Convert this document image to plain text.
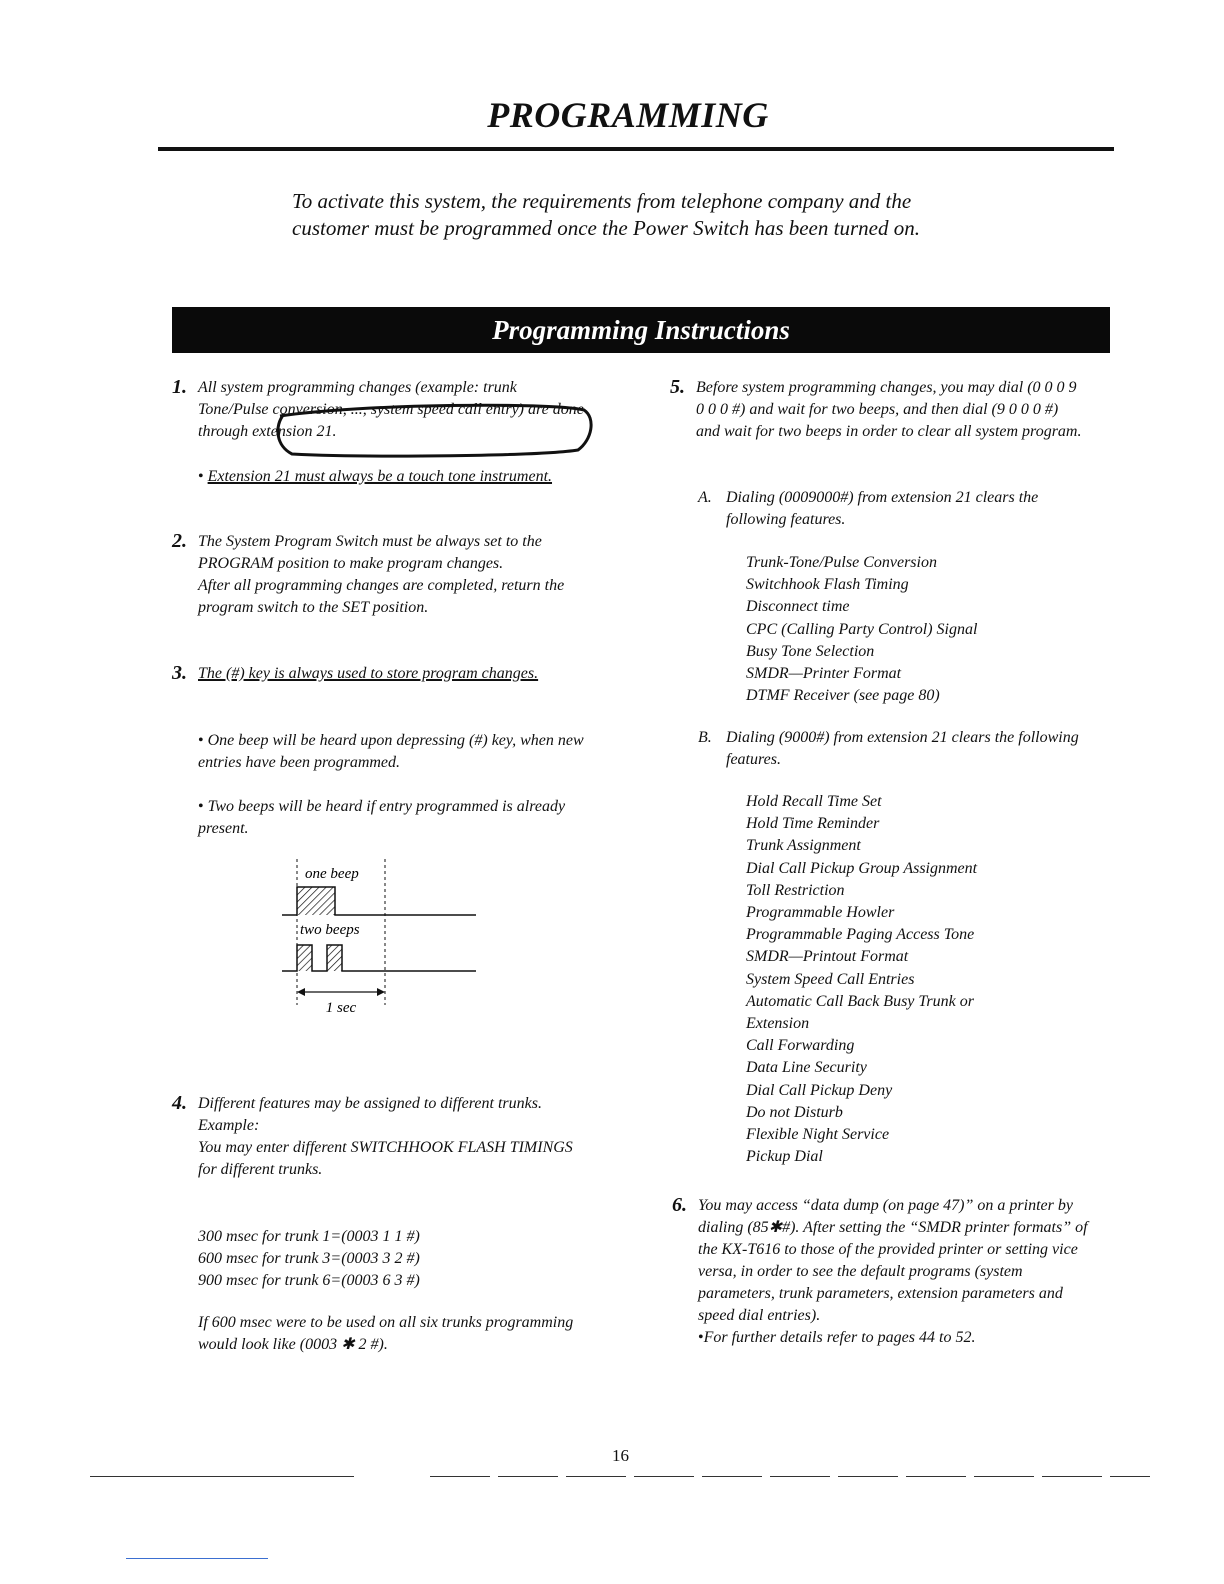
PROGRAMMING
To activate this system, the requirements from telephone company and the customer must be programmed once the Power Switch has been turned on.
Programming Instructions
1. All system programming changes (example: trunk Tone/Pulse conversion, ..., system speed call entry) are done through extension 21.
• Extension 21 must always be a touch tone instrument.
2. The System Program Switch must be always set to the PROGRAM position to make program changes.
After all programming changes are completed, return the program switch to the SET position.
3. The (#) key is always used to store program changes.
• One beep will be heard upon depressing (#) key, when new entries have been programmed.
• Two beeps will be heard if entry programmed is already present.
one beep
two beeps
1 sec
4. Different features may be assigned to different trunks.
Example:
You may enter different SWITCHHOOK FLASH TIMINGS for different trunks.
300 msec for trunk 1=(0003 1 1 #)
600 msec for trunk 3=(0003 3 2 #)
900 msec for trunk 6=(0003 6 3 #)
If 600 msec were to be used on all six trunks programming would look like (0003 ✱ 2 #).
5. Before system programming changes, you may dial (0 0 0 9 0 0 0 #) and wait for two beeps, and then dial (9 0 0 0 #) and wait for two beeps in order to clear all system program.
A. Dialing (0009000#) from extension 21 clears the following features.
Trunk-Tone/Pulse Conversion
Switchhook Flash Timing
Disconnect time
CPC (Calling Party Control) Signal
Busy Tone Selection
SMDR—Printer Format
DTMF Receiver (see page 80)
B. Dialing (9000#) from extension 21 clears the following features.
Hold Recall Time Set
Hold Time Reminder
Trunk Assignment
Dial Call Pickup Group Assignment
Toll Restriction
Programmable Howler
Programmable Paging Access Tone
SMDR—Printout Format
System Speed Call Entries
Automatic Call Back Busy Trunk or
Extension
Call Forwarding
Data Line Security
Dial Call Pickup Deny
Do not Disturb
Flexible Night Service
Pickup Dial
6. You may access “data dump (on page 47)” on a printer by dialing (85✱#). After setting the “SMDR printer formats” of the KX-T616 to those of the provided printer or setting vice versa, in order to see the default programs (system parameters, trunk parameters, extension parameters and speed dial entries).
• For further details refer to pages 44 to 52.
16
